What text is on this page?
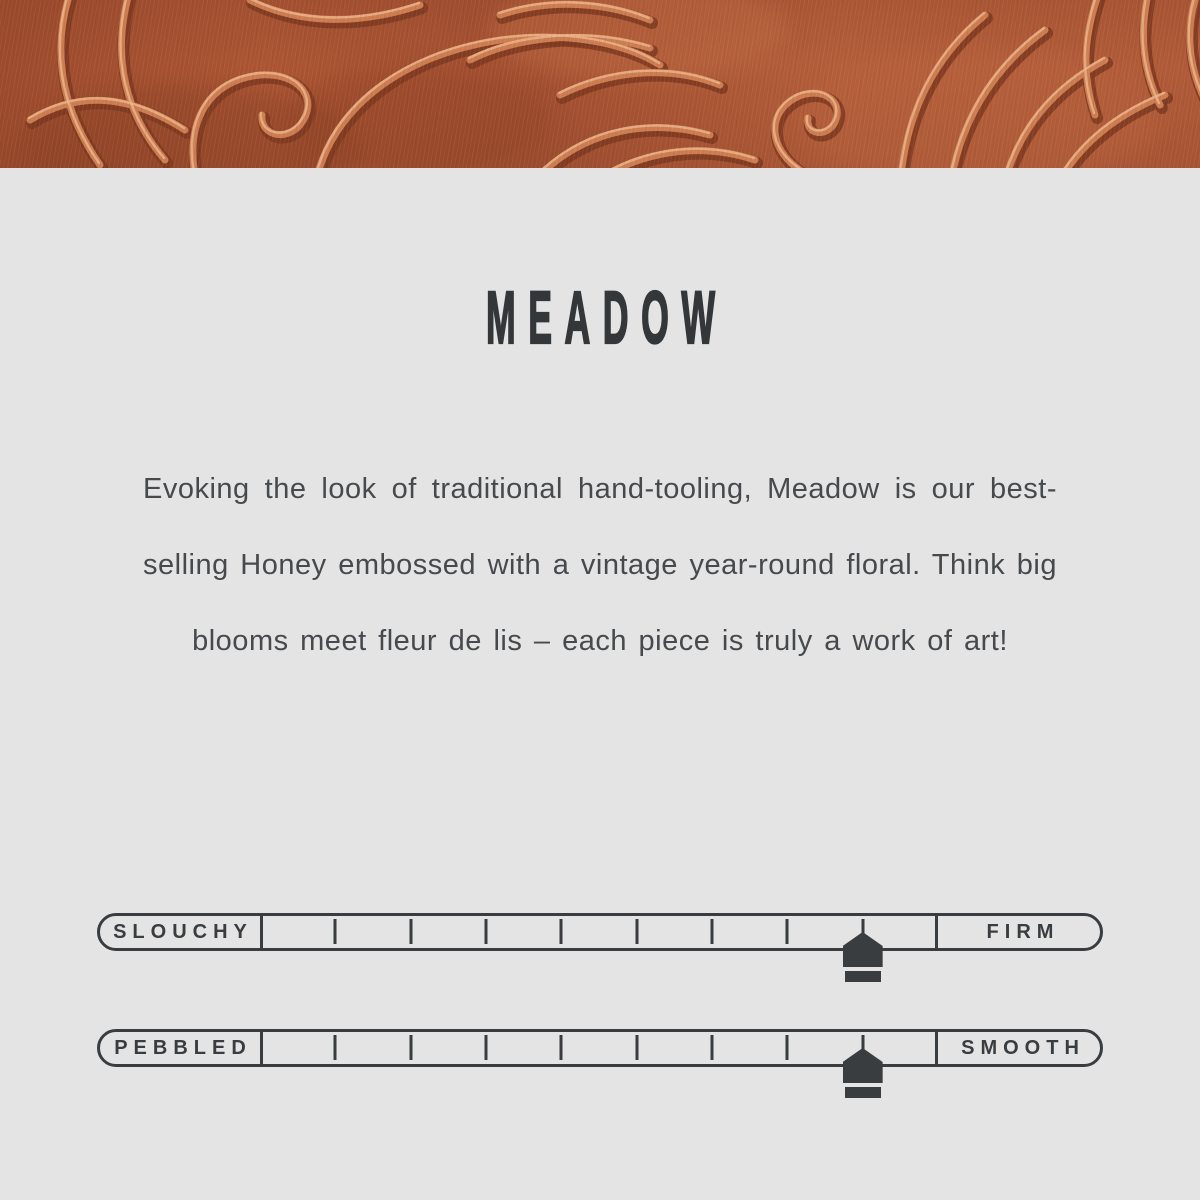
MEADOW

Evoking the look of traditional hand-tooling, Meadow is our best-selling Honey embossed with a vintage year-round floral. Think big blooms meet fleur de lis – each piece is truly a work of art!

SLOUCHY	FIRM
PEBBLED	SMOOTH
